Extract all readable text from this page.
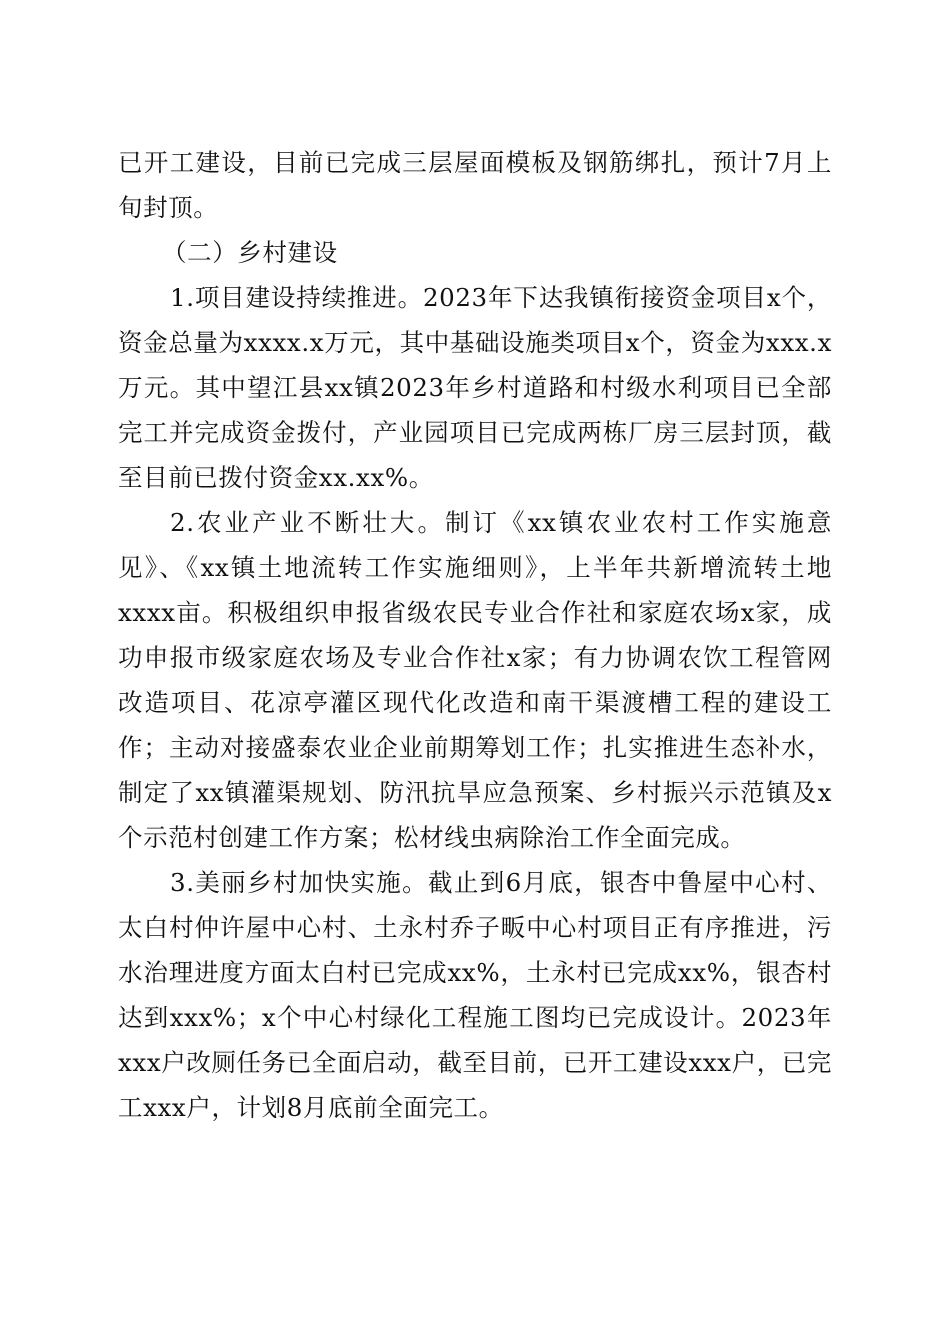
已开工建设，目前已完成三层屋面模板及钢筋绑扎，预计7月上旬封顶。

（二）乡村建设

1.项目建设持续推进。2023年下达我镇衔接资金项目x个，资金总量为xxxx.x万元，其中基础设施类项目x个，资金为xxx.x万元。其中望江县xx镇2023年乡村道路和村级水利项目已全部完工并完成资金拨付，产业园项目已完成两栋厂房三层封顶，截至目前已拨付资金xx.xx%。

2.农业产业不断壮大。制订《xx镇农业农村工作实施意见》、《xx镇土地流转工作实施细则》，上半年共新增流转土地xxxx亩。积极组织申报省级农民专业合作社和家庭农场x家，成功申报市级家庭农场及专业合作社x家；有力协调农饮工程管网改造项目、花凉亭灌区现代化改造和南干渠渡槽工程的建设工作；主动对接盛泰农业企业前期筹划工作；扎实推进生态补水，制定了xx镇灌渠规划、防汛抗旱应急预案、乡村振兴示范镇及x个示范村创建工作方案；松材线虫病除治工作全面完成。

3.美丽乡村加快实施。截止到6月底，银杏中鲁屋中心村、太白村仲许屋中心村、土永村乔子畈中心村项目正有序推进，污水治理进度方面太白村已完成xx%，土永村已完成xx%，银杏村达到xxx%；x个中心村绿化工程施工图均已完成设计。2023年xxx户改厕任务已全面启动，截至目前，已开工建设xxx户，已完工xxx户，计划8月底前全面完工。
